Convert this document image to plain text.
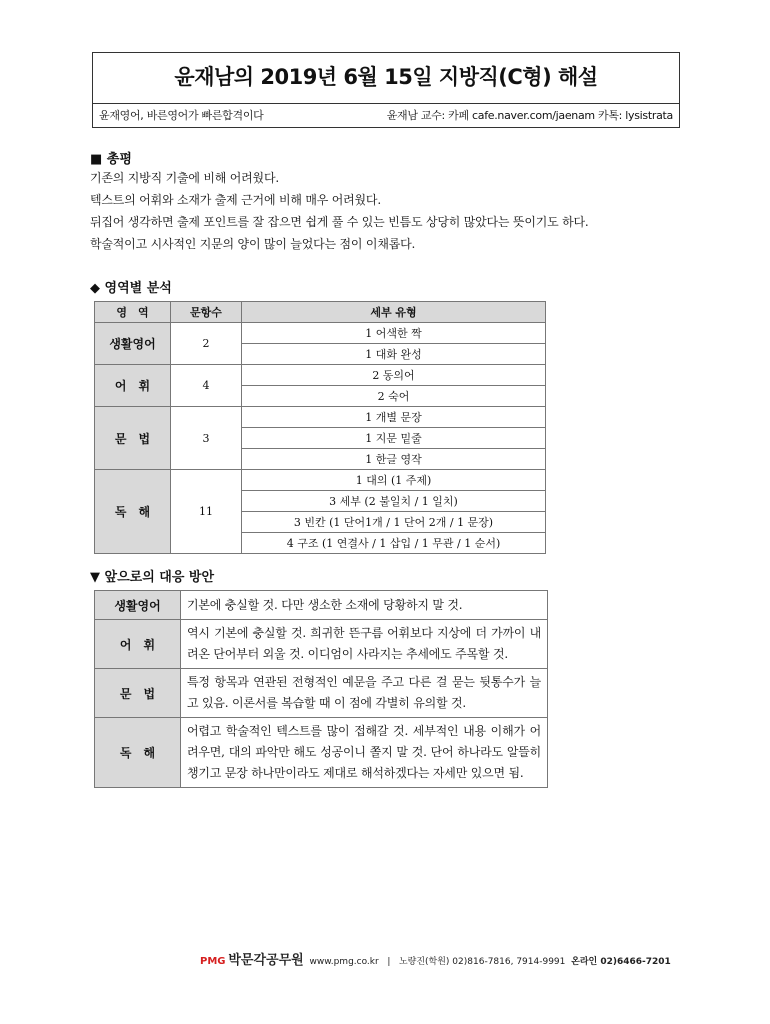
윤재남의 2019년 6월 15일 지방직(C형) 해설
윤재영어, 바른영어가 빠른합격이다	윤재남 교수: 카페 cafe.naver.com/jaenam 카톡: lysistrata
■ 총평
기존의 지방직 기출에 비해 어려웠다.
텍스트의 어휘와 소재가 출제 근거에 비해 매우 어려웠다.
뒤집어 생각하면 출제 포인트를 잘 잡으면 쉽게 풀 수 있는 빈틈도 상당히 많았다는 뜻이기도 하다.
학술적이고 시사적인 지문의 양이 많이 늘었다는 점이 이채롭다.
◆ 영역별 분석
영　역	문항수	세부 유형
생활영어	2	1 어색한 짝
		1 대화 완성
어　휘	4	2 동의어
		2 숙어
문　법	3	1 개별 문장
		1 지문 밑줄
		1 한글 영작
독　해	11	1 대의 (1 주제)
		3 세부 (2 불일치 / 1 일치)
		3 빈칸 (1 단어1개 / 1 단어 2개 / 1 문장)
		4 구조 (1 연결사 / 1 삽입 / 1 무관 / 1 순서)
▼ 앞으로의 대응 방안
생활영어	기본에 충실할 것. 다만 생소한 소재에 당황하지 말 것.
어　휘	역시 기본에 충실할 것. 희귀한 뜬구름 어휘보다 지상에 더 가까이 내려온 단어부터 외울 것. 이디엄이 사라지는 추세에도 주목할 것.
문　법	특정 항목과 연관된 전형적인 예문을 주고 다른 걸 묻는 뒷통수가 늘고 있음. 이론서를 복습할 때 이 점에 각별히 유의할 것.
독　해	어렵고 학술적인 텍스트를 많이 접해갈 것. 세부적인 내용 이해가 어려우면, 대의 파악만 해도 성공이니 쫄지 말 것. 단어 하나라도 알뜰히 챙기고 문장 하나만이라도 제대로 해석하겠다는 자세만 있으면 됨.
PMG 박문각공무원 www.pmg.co.kr | 노량진(학원) 02)816-7816, 7914-9991 온라인 02)6466-7201
